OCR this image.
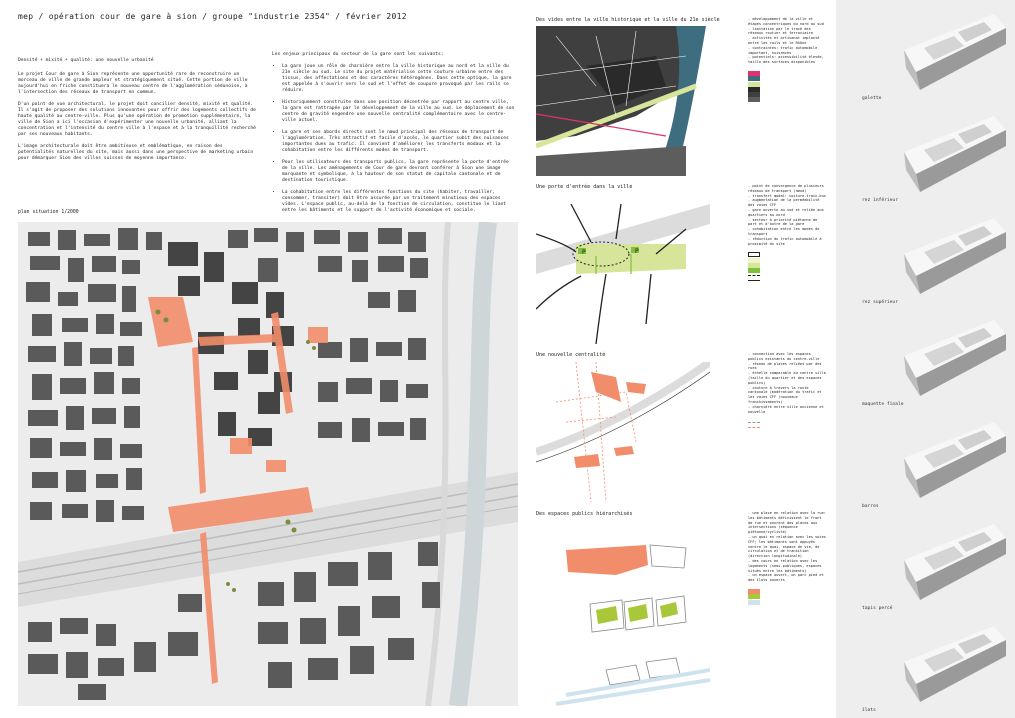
mep / opération cour de gare à sion / groupe "industrie 2354" / février 2012

Densité + mixité + qualité: une nouvelle urbanité

Le projet Cour de gare à Sion représente une opportunité rare de reconstruire un morceau de ville de grande ampleur et stratégiquement situé. Cette portion de ville aujourd'hui en friche constituera le nouveau centre de l'agglomération sédunoise, à l'intersection des réseaux de transport en commun.

D'un point de vue architectural, le projet doit concilier densité, mixité et qualité. Il s'agit de proposer des solutions innovantes pour offrir des logements collectifs de haute qualité au centre-ville. Plus qu'une opération de promotion supplémentaire, la ville de Sion a ici l'occasion d'expérimenter une nouvelle urbanité, alliant la concentration et l'intensité du centre ville à l'espace et à la tranquillité recherché par ses nouveaux habitants.

L'image architecturale doit être ambitieuse et emblématique, en raison des potentialités naturelles du site, mais aussi dans une perspective de marketing urbain pour démarquer Sion des villes suisses de moyenne importance.

Les enjeux principaux du secteur de la gare sont les suivants:
• La gare joue un rôle de charnière entre la ville historique au nord et la ville du 21e siècle au sud. Le site du projet matérialise cette couture urbaine entre des tissus, des affectations et des caractères hétérogènes. Dans cette optique, la gare est appelée à s'ouvrir vers le sud et l'effet de coupure provoqué par les rails se réduire.
• Historiquement construite dans une position décentrée par rapport au centre ville, la gare est rattrapée par le développement de la ville au sud. Le déplacement de son centre de gravité engendre une nouvelle centralité complémentaire avec le centre-ville actuel.
• La gare et ses abords directs sont le nœud principal des réseaux de transport de l'agglomération. Très attractif et facile d'accès, le quartier subit des nuisances importantes dues au trafic. Il convient d'améliorer les transferts modaux et la cohabitation entre les différents modes de transport.
• Pour les utilisateurs des transports publics, la gare représente la porte d'entrée de la ville. Les aménagements de Cour de gare devront conférer à Sion une image marquante et symbolique, à la hauteur de son statut de capitale cantonale et de destination touristique.
• La cohabitation entre les différentes fonctions du site (habiter, travailler, consommer, transiter) doit être assurée par un traitement minutieux des espaces vides. L'espace public, au-delà de la fonction de circulation, constitue le liant entre les bâtiments et le support de l'activité économique et sociale.
plan situation 1/2000
Des vides entre la ville historique et la ville du 21e siècle	- développement de la ville et étapes concentriques du nord au sud
- limitation par le tracé des réseaux routier et ferroviaire
- activités et artisanat implanté entre les rails et le Rhône
- contraintes: trafic automobile important, nuisances
- potentiels: accessibilité élevée, taille des surfaces disponibles
Une porte d'entrée dans la ville
P	P
- point de convergence de plusieurs réseaux de transport (nœud)
- transfert modal: voiture-train-bus
- augmentation de la perméabilité des voies CFF
- gare ouverte au sud et reliée aux quartiers au nord
- secteur à priorité piétonne de part et d'autre de la gare
- cohabitation entre les modes de transport
- réduction du trafic automobile à proximité du site
Une nouvelle centralité	- connection avec les espaces publics existants du centre-ville
- réseau de places reliées par des rues
- échelle comparable au centre ville (taille du quartier et des espaces publics)
- couture à travers la route cantonale (modération du trafic et les voies CFF (nouveaux franchissements)
- charnière entre ville ancienne et nouvelle
Des espaces publics hiérarchisés	- une place en relation avec la rue: les bâtiments définissent le front de rue et ouvrent des places aux intersections (séquence piétonne/cycliste)
- un quai en relation avec les voies CFF; les bâtiments sont appuyés contre le quai, espace de vie, de circulation et de transition (direction longitudinale)
- des cours en relation avec les logements (semi-publiques, espaces situés entre les bâtiments)
- un espace ouvert, un parc pied et des îlots ouverts
galette
rez inférieur
rez supérieur
maquette finale
barres
tapis percé
îlots
